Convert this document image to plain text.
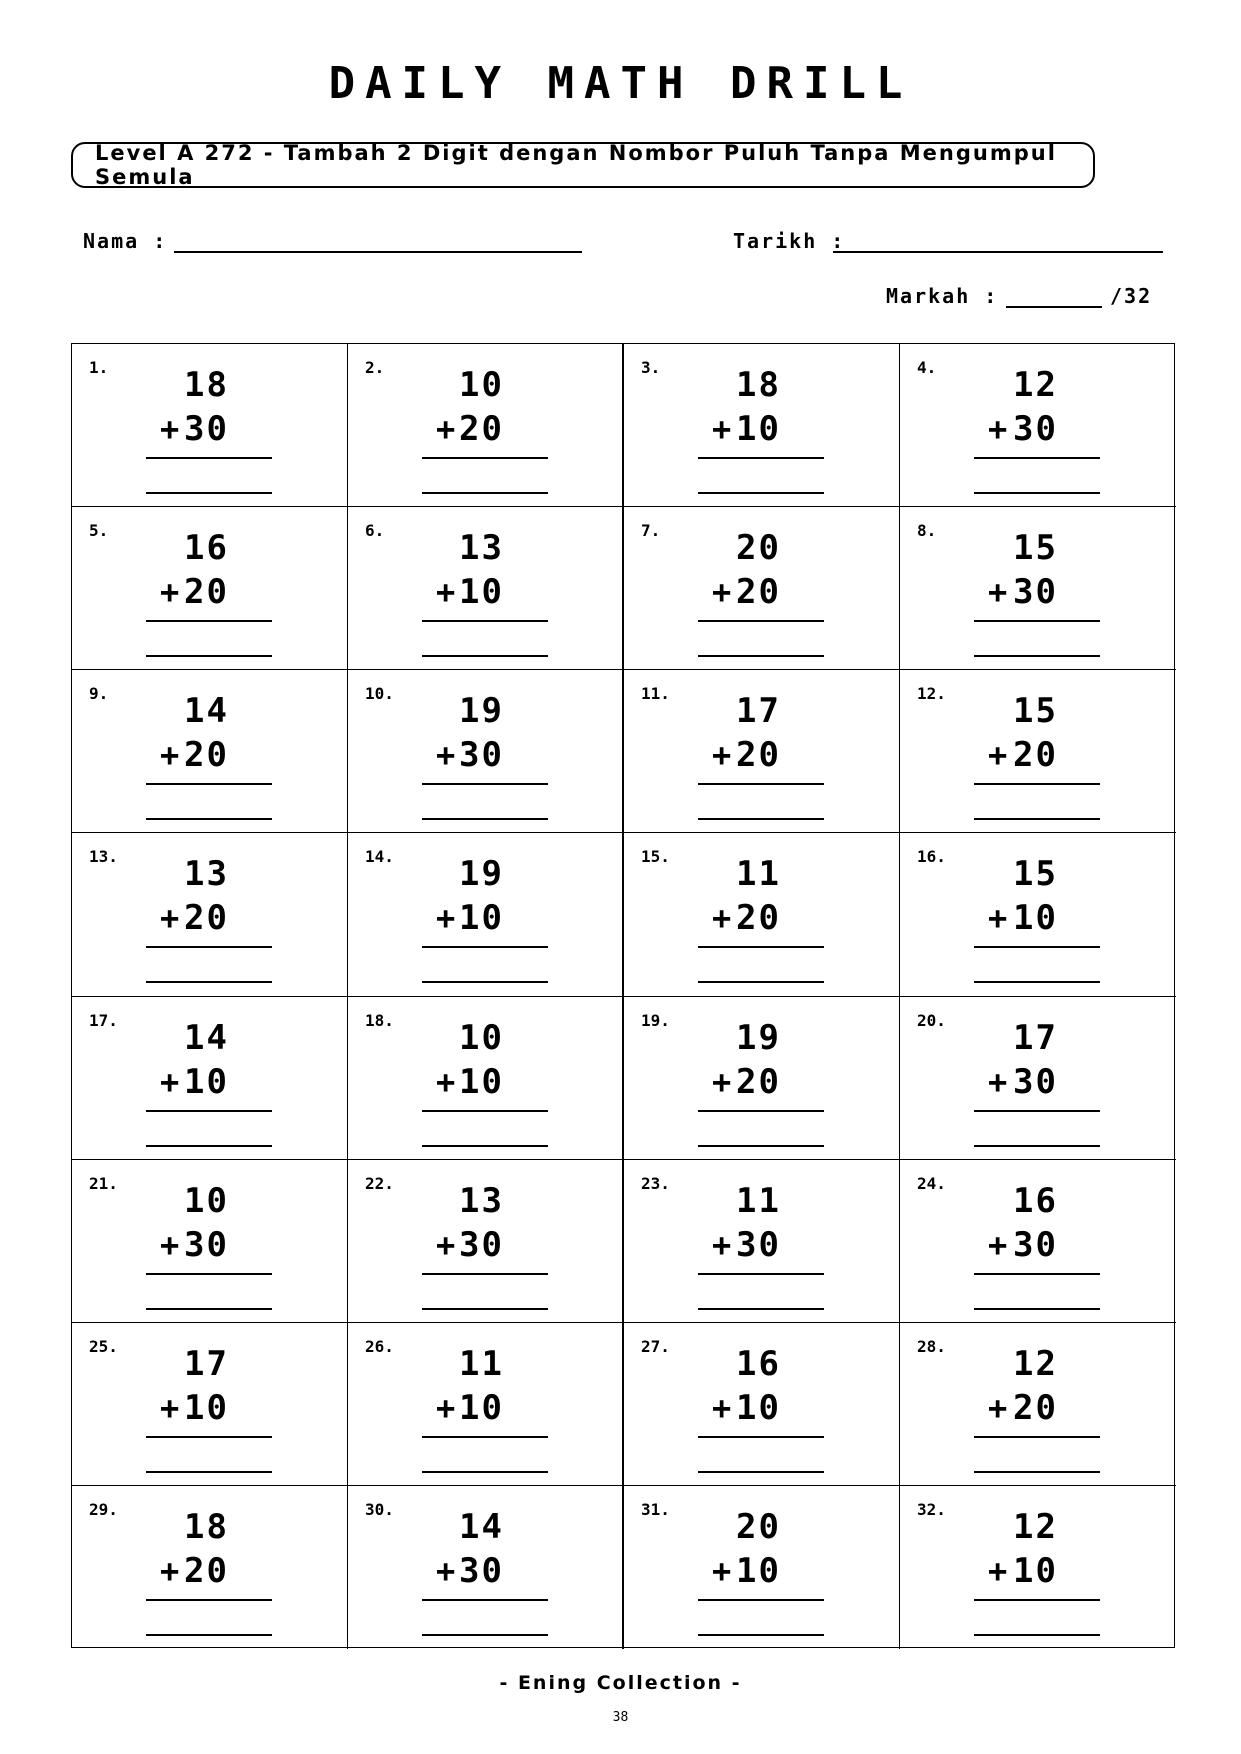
DAILY MATH DRILL
Level A 272 - Tambah 2 Digit dengan Nombor Puluh Tanpa Mengumpul Semula
Nama :	Tarikh :
Markah :	/32
1.	18
+ 30
2.	10
+ 20
3.	18
+ 10
4.	12
+ 30
5.	16
+ 20
6.	13
+ 10
7.	20
+ 20
8.	15
+ 30
9.	14
+ 20
10.	19
+ 30
11.	17
+ 20
12.	15
+ 20
13.	13
+ 20
14.	19
+ 10
15.	11
+ 20
16.	15
+ 10
17.	14
+ 10
18.	10
+ 10
19.	19
+ 20
20.	17
+ 30
21.	10
+ 30
22.	13
+ 30
23.	11
+ 30
24.	16
+ 30
25.	17
+ 10
26.	11
+ 10
27.	16
+ 10
28.	12
+ 20
29.	18
+ 20
30.	14
+ 30
31.	20
+ 10
32.	12
+ 10
- Ening Collection -
38
